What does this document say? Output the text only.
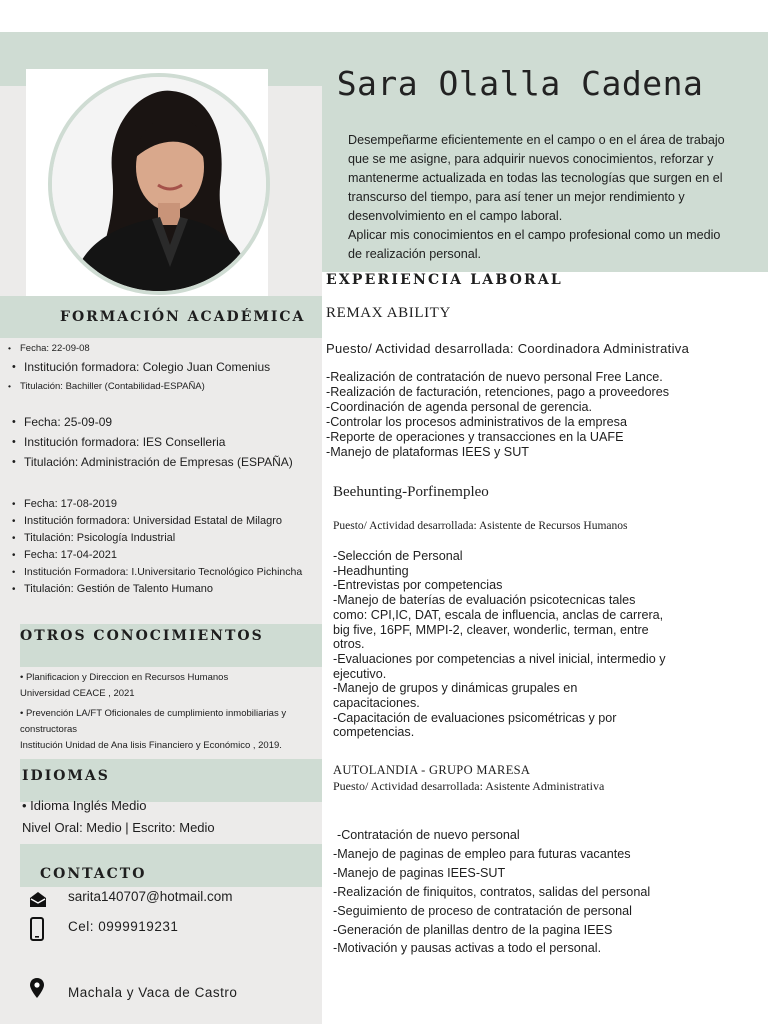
Sara Olalla Cadena
Desempeñarme eficientemente en el campo o en el área de trabajo
que se me asigne, para adquirir nuevos conocimientos, reforzar y
mantenerme actualizada en todas las tecnologías que surgen en el
transcurso del tiempo, para así tener un mejor rendimiento y
desenvolvimiento en el campo laboral.
Aplicar mis conocimientos en el campo profesional como un medio
de realización personal.
FORMACIÓN ACADÉMICA
• Fecha: 22-09-08
• Institución formadora: Colegio Juan Comenius
• Titulación: Bachiller (Contabilidad-ESPAÑA)
• Fecha: 25-09-09
• Institución formadora: IES Conselleria
• Titulación: Administración de Empresas (ESPAÑA)
• Fecha: 17-08-2019
• Institución formadora: Universidad Estatal de Milagro
• Titulación: Psicología Industrial
• Fecha: 17-04-2021
• Institución Formadora: I.Universitario Tecnológico Pichincha
• Titulación: Gestión de Talento Humano
OTROS CONOCIMIENTOS
• Planificacion y Direccion en Recursos Humanos
Universidad CEACE , 2021
• Prevención LA/FT Oficionales de cumplimiento inmobiliarias y
constructoras
Institución Unidad de Ana lisis Financiero y Económico , 2019.
IDIOMAS
• Idioma Inglés Medio
Nivel Oral: Medio | Escrito: Medio
CONTACTO
sarita140707@hotmail.com
Cel: 0999919231
Machala y Vaca de Castro
EXPERIENCIA LABORAL
REMAX ABILITY
Puesto/ Actividad desarrollada: Coordinadora Administrativa
-Realización de contratación de nuevo personal Free Lance.
-Realización de facturación, retenciones, pago a proveedores
-Coordinación de agenda personal de gerencia.
-Controlar los procesos administrativos de la empresa
-Reporte de operaciones y transacciones en la UAFE
-Manejo de plataformas IEES y SUT
Beehunting-Porfinempleo
Puesto/ Actividad desarrollada: Asistente de Recursos Humanos
-Selección de Personal
-Headhunting
-Entrevistas por competencias
-Manejo de baterías de evaluación psicotecnicas tales
como: CPI,IC, DAT, escala de influencia, anclas de carrera,
big five, 16PF, MMPI-2, cleaver, wonderlic, terman, entre
otros.
-Evaluaciones por competencias a nivel inicial, intermedio y
ejecutivo.
-Manejo de grupos y dinámicas grupales en
capacitaciones.
-Capacitación de evaluaciones psicométricas y por
competencias.
AUTOLANDIA - GRUPO MARESA
Puesto/ Actividad desarrollada: Asistente Administrativa
-Contratación de nuevo personal
-Manejo de paginas de empleo para futuras vacantes
-Manejo de paginas IEES-SUT
-Realización de finiquitos, contratos, salidas del personal
-Seguimiento de proceso de contratación de personal
-Generación de planillas dentro de la pagina IEES
-Motivación y pausas activas a todo el personal.
